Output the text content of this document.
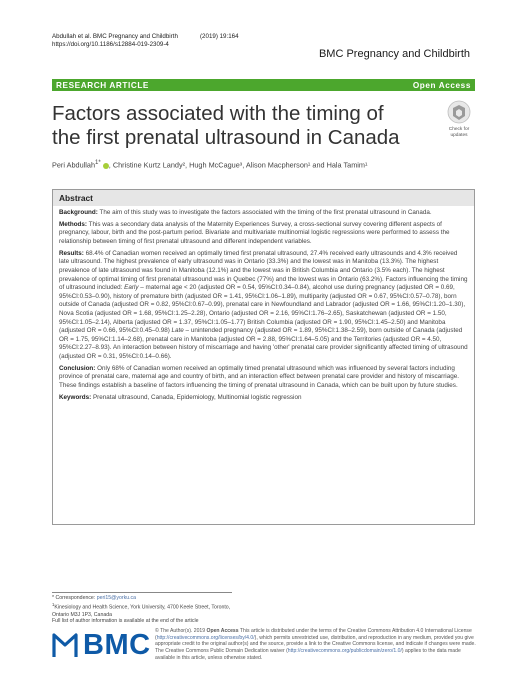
Abdullah et al. BMC Pregnancy and Childbirth
https://doi.org/10.1186/s12884-019-2309-4
(2019) 19:164
BMC Pregnancy and Childbirth
RESEARCH ARTICLE	Open Access
Factors associated with the timing of the first prenatal ultrasound in Canada	Check for
updates
Peri Abdullah$^{1*}$ , Christine Kurtz Landy², Hugh McCague³, Alison Macpherson¹ and Hala Tamim¹
Abstract

Background: The aim of this study was to investigate the factors associated with the timing of the first prenatal ultrasound in Canada.

Methods: This was a secondary data analysis of the Maternity Experiences Survey, a cross-sectional survey covering different aspects of pregnancy, labour, birth and the post-partum period. Bivariate and multivariate multinomial logistic regressions were performed to assess the relationship between timing of first prenatal ultrasound and different independent variables.

Results: 68.4% of Canadian women received an optimally timed first prenatal ultrasound, 27.4% received early ultrasounds and 4.3% received late ultrasound. The highest prevalence of early ultrasound was in Ontario (33.3%) and the lowest was in Manitoba (13.3%). The highest prevalence of late ultrasound was found in Manitoba (12.1%) and the lowest was in British Columbia and Ontario (3.5% each). The highest prevalence of optimal timing of first prenatal ultrasound was in Quebec (77%) and the lowest was in Ontario (63.2%). Factors influencing the timing of ultrasound included: Early – maternal age < 20 (adjusted OR = 0.54, 95%CI:0.34–0.84), alcohol use during pregnancy (adjusted OR = 0.69, 95%CI:0.53–0.90), history of premature birth (adjusted OR = 1.41, 95%CI:1.06–1.89), multiparity (adjusted OR = 0.67, 95%CI:0.57–0.78), born outside of Canada (adjusted OR = 0.82, 95%CI:0.67–0.99), prenatal care in Newfoundland and Labrador (adjusted OR = 1.66, 95%CI:1.20–1.30), Nova Scotia (adjusted OR = 1.68, 95%CI:1.25–2.28), Ontario (adjusted OR = 2.16, 95%CI:1.76–2.65), Saskatchewan (adjusted OR = 1.50, 95%CI:1.05–2.14), Alberta (adjusted OR = 1.37, 95%CI:1.05–1.77) British Columbia (adjusted OR = 1.90, 95%CI:1.45–2.50) and Manitoba (adjusted OR = 0.66, 95%CI:0.45–0.98) Late – unintended pregnancy (adjusted OR = 1.89, 95%CI:1.38–2.59), born outside of Canada (adjusted OR = 1.75, 95%CI:1.14–2.68), prenatal care in Manitoba (adjusted OR = 2.88, 95%CI:1.64–5.05) and the Territories (adjusted OR = 4.50, 95%CI:2.27–8.93). An interaction between history of miscarriage and having 'other' prenatal care provider significantly affected timing of ultrasound (adjusted OR = 0.31, 95%CI:0.14–0.66).

Conclusion: Only 68% of Canadian women received an optimally timed prenatal ultrasound which was influenced by several factors including province of prenatal care, maternal age and country of birth, and an interaction effect between prenatal care provider and history of miscarriage. These findings establish a baseline of factors influencing the timing of prenatal ultrasound in Canada, which can be built upon by future studies.

Keywords: Prenatal ultrasound, Canada, Epidemiology, Multinomial logistic regression

* Correspondence: peri15@yorku.ca
$^1$Kinesiology and Health Science, York University, 4700 Keele Street, Toronto,
Ontario M3J 1P3, Canada
Full list of author information is available at the end of the article
BMC © The Author(s). 2019 Open Access This article is distributed under the terms of the Creative Commons Attribution 4.0 International License (http://creativecommons.org/licenses/by/4.0/), which permits unrestricted use, distribution, and reproduction in any medium, provided you give appropriate credit to the original author(s) and the source, provide a link to the Creative Commons license, and indicate if changes were made. The Creative Commons Public Domain Dedication waiver (http://creativecommons.org/publicdomain/zero/1.0/) applies to the data made available in this article, unless otherwise stated.
